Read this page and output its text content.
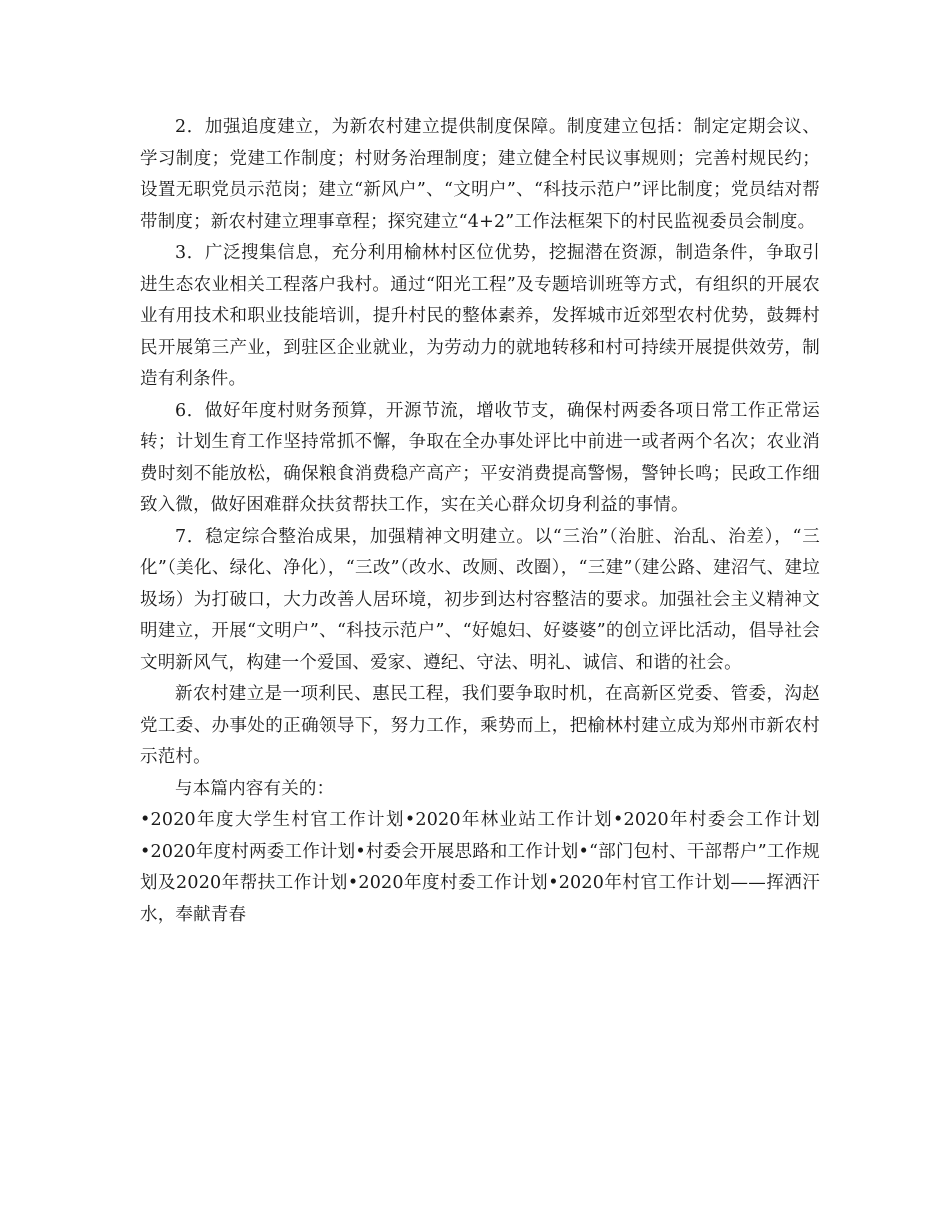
2．加强追度建立，为新农村建立提供制度保障。制度建立包括：制定定期会议、学习制度；党建工作制度；村财务治理制度；建立健全村民议事规则；完善村规民约；设置无职党员示范岗；建立“新风户”、“文明户”、“科技示范户”评比制度；党员结对帮带制度；新农村建立理事章程；探究建立“4+2”工作法框架下的村民监视委员会制度。

3．广泛搜集信息，充分利用榆林村区位优势，挖掘潜在资源，制造条件，争取引进生态农业相关工程落户我村。通过“阳光工程”及专题培训班等方式，有组织的开展农业有用技术和职业技能培训，提升村民的整体素养，发挥城市近郊型农村优势，鼓舞村民开展第三产业，到驻区企业就业，为劳动力的就地转移和村可持续开展提供效劳，制造有利条件。

6．做好年度村财务预算，开源节流，增收节支，确保村两委各项日常工作正常运转；计划生育工作坚持常抓不懈，争取在全办事处评比中前进一或者两个名次；农业消费时刻不能放松，确保粮食消费稳产高产；平安消费提高警惕，警钟长鸣；民政工作细致入微，做好困难群众扶贫帮扶工作，实在关心群众切身利益的事情。

7．稳定综合整治成果，加强精神文明建立。以“三治”（治脏、治乱、治差），“三化”（美化、绿化、净化），“三改”（改水、改厕、改圈），“三建”（建公路、建沼气、建垃圾场）为打破口，大力改善人居环境，初步到达村容整洁的要求。加强社会主义精神文明建立，开展“文明户”、“科技示范户”、“好媳妇、好婆婆”的创立评比活动，倡导社会文明新风气，构建一个爱国、爱家、遵纪、守法、明礼、诚信、和谐的社会。

新农村建立是一项利民、惠民工程，我们要争取时机，在高新区党委、管委，沟赵党工委、办事处的正确领导下，努力工作，乘势而上，把榆林村建立成为郑州市新农村示范村。

与本篇内容有关的：

•2020年度大学生村官工作计划•2020年林业站工作计划•2020年村委会工作计划•2020年度村两委工作计划•村委会开展思路和工作计划•“部门包村、干部帮户”工作规划及2020年帮扶工作计划•2020年度村委工作计划•2020年村官工作计划——挥洒汗水，奉献青春
